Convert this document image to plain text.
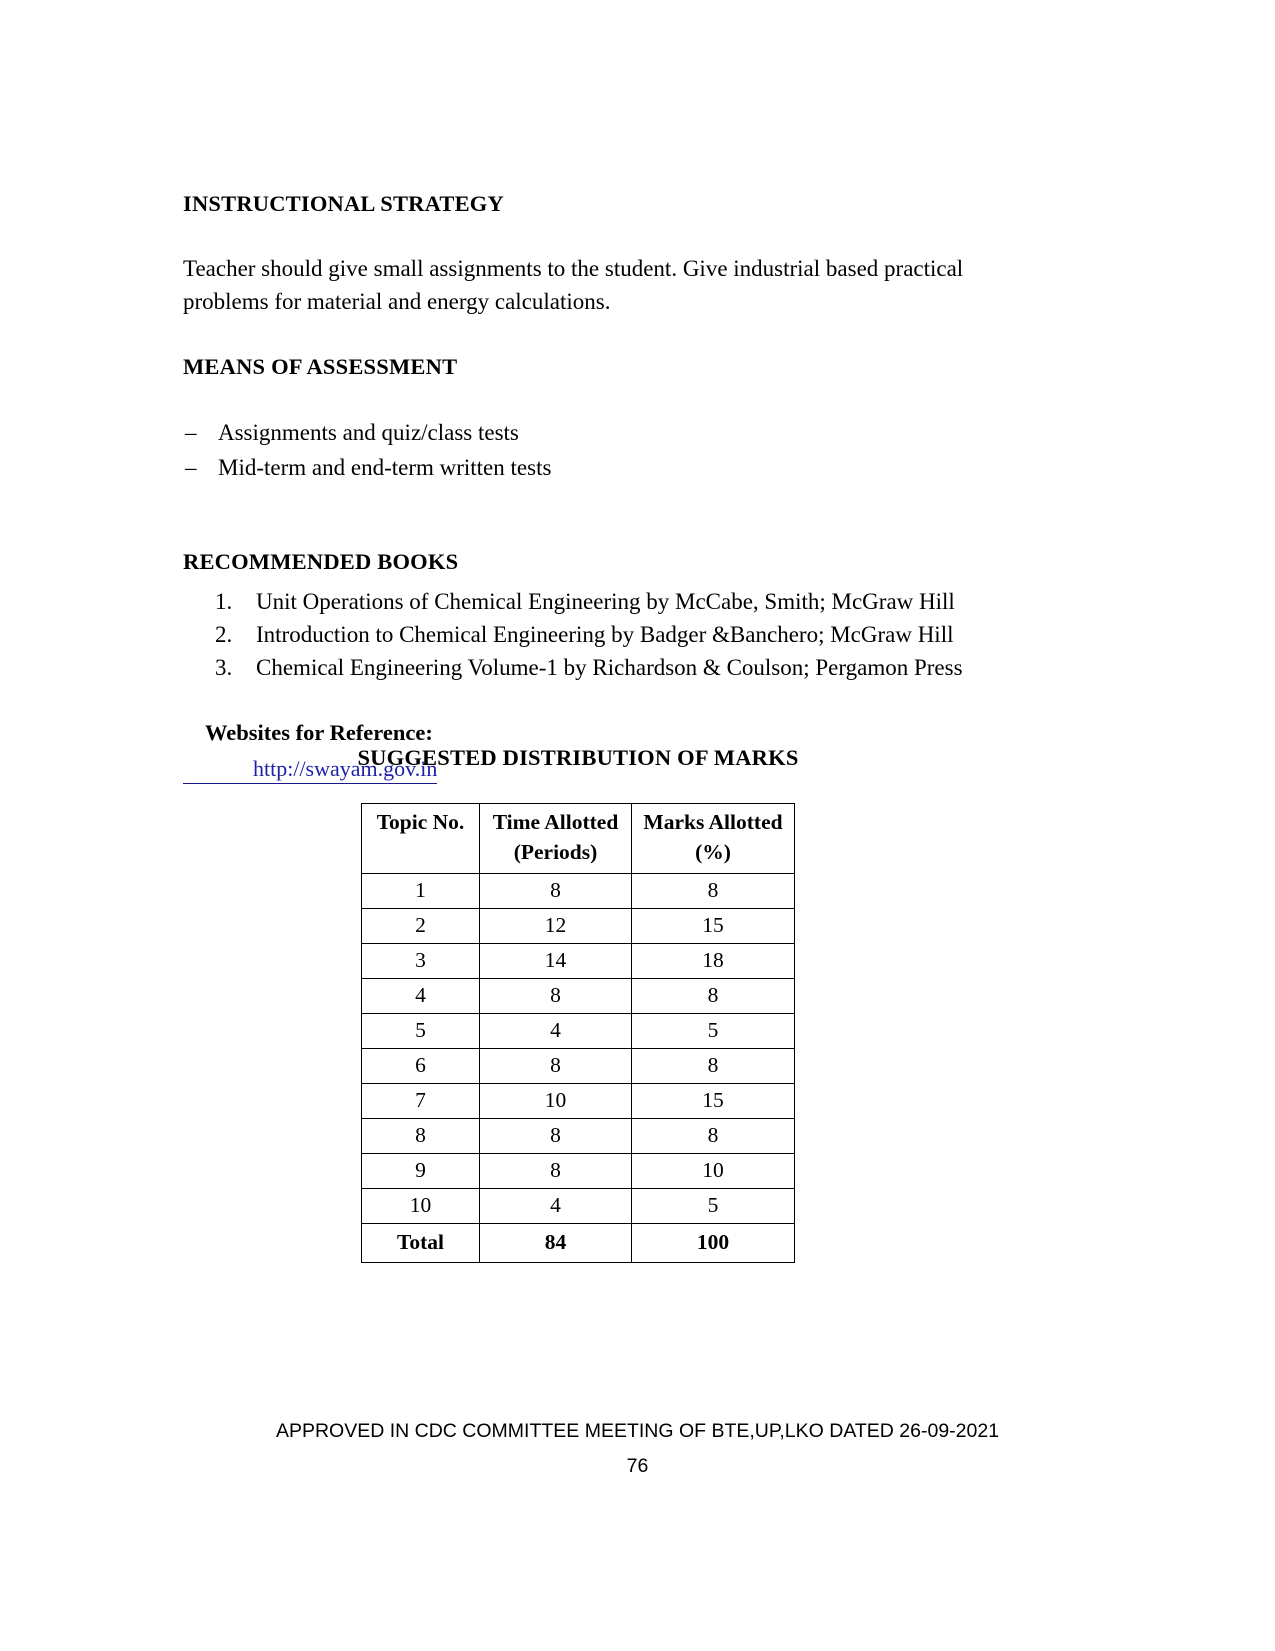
INSTRUCTIONAL STRATEGY

Teacher should give small assignments to the student. Give industrial based practical problems for material and energy calculations.

MEANS OF ASSESSMENT
– Assignments and quiz/class tests
– Mid-term and end-term written tests
RECOMMENDED BOOKS
1.	Unit Operations of Chemical Engineering by McCabe, Smith; McGraw Hill
2.	Introduction to Chemical Engineering by Badger &Banchero; McGraw Hill
3.	Chemical Engineering Volume-1 by Richardson & Coulson; Pergamon Press

Websites for Reference:

http://swayam.gov.in

SUGGESTED DISTRIBUTION OF MARKS

Topic No.	Time Allotted	Marks Allotted
	(Periods)	(%)
1	8	8
2	12	15
3	14	18
4	8	8
5	4	5
6	8	8
7	10	15
8	8	8
9	8	10
10	4	5
Total	84	100
APPROVED IN CDC COMMITTEE MEETING OF BTE,UP,LKO DATED 26-09-2021
76
